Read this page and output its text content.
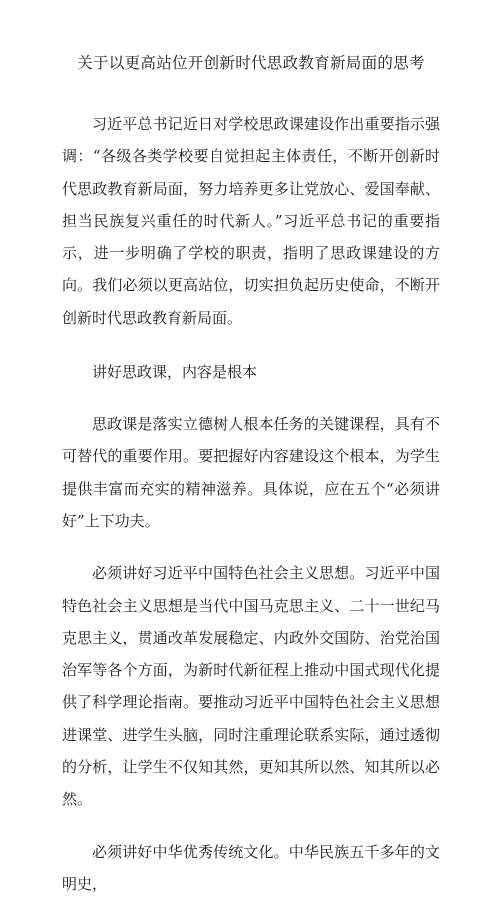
关于以更高站位开创新时代思政教育新局面的思考

习近平总书记近日对学校思政课建设作出重要指示强调：“各级各类学校要自觉担起主体责任，不断开创新时代思政教育新局面，努力培养更多让党放心、爱国奉献、担当民族复兴重任的时代新人。”习近平总书记的重要指示，进一步明确了学校的职责，指明了思政课建设的方向。我们必须以更高站位，切实担负起历史使命，不断开创新时代思政教育新局面。

讲好思政课，内容是根本

思政课是落实立德树人根本任务的关键课程，具有不可替代的重要作用。要把握好内容建设这个根本，为学生提供丰富而充实的精神滋养。具体说，应在五个“必须讲好”上下功夫。

必须讲好习近平中国特色社会主义思想。习近平中国特色社会主义思想是当代中国马克思主义、二十一世纪马克思主义，贯通改革发展稳定、内政外交国防、治党治国治军等各个方面，为新时代新征程上推动中国式现代化提供了科学理论指南。要推动习近平中国特色社会主义思想进课堂、进学生头脑，同时注重理论联系实际，通过透彻的分析，让学生不仅知其然，更知其所以然、知其所以必然。

必须讲好中华优秀传统文化。中华民族五千多年的文明史，
